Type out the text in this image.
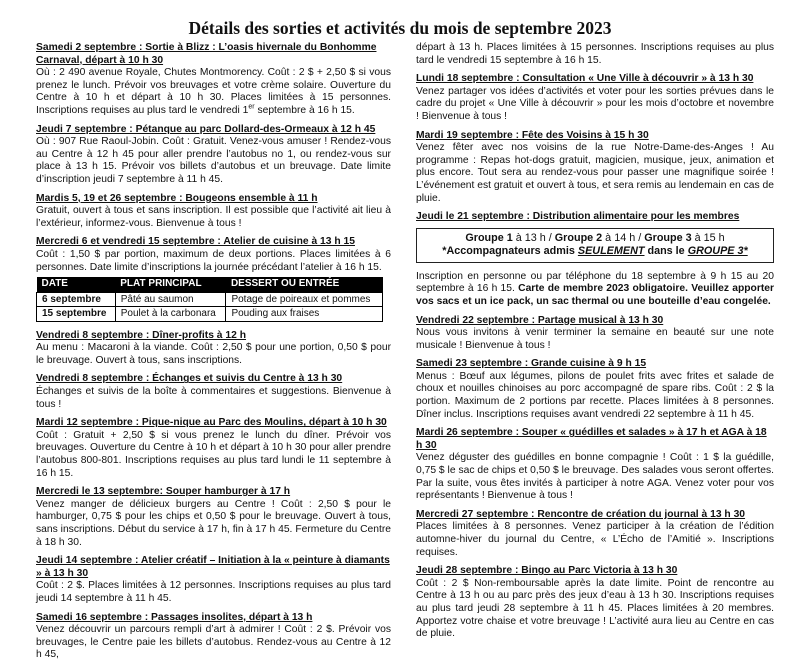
Détails des sorties et activités du mois de septembre 2023
Samedi 2 septembre : Sortie à Blizz : L’oasis hivernale du Bonhomme Carnaval, départ à 10 h 30
Où : 2 490 avenue Royale, Chutes Montmorency. Coût : 2 $ + 2,50 $ si vous prenez le lunch. Prévoir vos breuvages et votre crème solaire. Ouverture du Centre à 10 h et départ à 10 h 30. Places limitées à 15 personnes. Inscriptions requises au plus tard le vendredi 1er septembre à 16 h 15.
Jeudi 7 septembre : Pétanque au parc Dollard-des-Ormeaux à 12 h 45
Où : 907 Rue Raoul-Jobin. Coût : Gratuit. Venez-vous amuser ! Rendez-vous au Centre à 12 h 45 pour aller prendre l’autobus no 1, ou rendez-vous sur place à 13 h 15. Prévoir vos billets d’autobus et un breuvage. Date limite d’inscription jeudi 7 septembre à 11 h 45.
Mardis 5, 19 et 26 septembre : Bougeons ensemble à 11 h
Gratuit, ouvert à tous et sans inscription. Il est possible que l’activité ait lieu à l’extérieur, informez-vous. Bienvenue à tous !
Mercredi 6 et vendredi 15 septembre : Atelier de cuisine à 13 h 15
Coût : 1,50 $ par portion, maximum de deux portions. Places limitées à 6 personnes. Date limite d’inscriptions la journée précédant l’atelier à 16 h 15.
DATE	PLAT PRINCIPAL	DESSERT OU ENTRÉE
6 septembre	Pâté au saumon	Potage de poireaux et pommes
15 septembre	Poulet à la carbonara	Pouding aux fraises
Vendredi 8 septembre : Dîner-profits à 12 h
Au menu : Macaroni à la viande. Coût : 2,50 $ pour une portion, 0,50 $ pour le breuvage. Ouvert à tous, sans inscriptions.
Vendredi 8 septembre : Échanges et suivis du Centre à 13 h 30
Échanges et suivis de la boîte à commentaires et suggestions. Bienvenue à tous !
Mardi 12 septembre : Pique-nique au Parc des Moulins, départ à 10 h 30
Coût : Gratuit + 2,50 $ si vous prenez le lunch du dîner. Prévoir vos breuvages. Ouverture du Centre à 10 h et départ à 10 h 30 pour aller prendre l’autobus 800-801. Inscriptions requises au plus tard lundi le 11 septembre à 16 h 15.
Mercredi le 13 septembre: Souper hamburger à 17 h
Venez manger de délicieux burgers au Centre ! Coût : 2,50 $ pour le hamburger, 0,75 $ pour les chips et 0,50 $ pour le breuvage. Ouvert à tous, sans inscriptions. Début du service à 17 h, fin à 17 h 45. Fermeture du Centre à 18 h 30.
Jeudi 14 septembre : Atelier créatif – Initiation à la « peinture à diamants » à 13 h 30
Coût : 2 $. Places limitées à 12 personnes. Inscriptions requises au plus tard jeudi 14 septembre à 11 h 45.
Samedi 16 septembre : Passages insolites, départ à 13 h
Venez découvrir un parcours rempli d’art à admirer ! Coût : 2 $. Prévoir vos breuvages, le Centre paie les billets d’autobus. Rendez-vous au Centre à 12 h 45,
départ à 13 h. Places limitées à 15 personnes. Inscriptions requises au plus tard le vendredi 15 septembre à 16 h 15.
Lundi 18 septembre : Consultation « Une Ville à découvrir » à 13 h 30
Venez partager vos idées d’activités et voter pour les sorties prévues dans le cadre du projet « Une Ville à découvrir » pour les mois d’octobre et novembre ! Bienvenue à tous !
Mardi 19 septembre : Fête des Voisins à 15 h 30
Venez fêter avec nos voisins de la rue Notre-Dame-des-Anges ! Au programme : Repas hot-dogs gratuit, magicien, musique, jeux, animation et plus encore. Tout sera au rendez-vous pour passer une magnifique soirée ! L’événement est gratuit et ouvert à tous, et sera remis au lendemain en cas de pluie.
Jeudi le 21 septembre : Distribution alimentaire pour les membres
Groupe 1 à 13 h / Groupe 2 à 14 h / Groupe 3 à 15 h
*Accompagnateurs admis SEULEMENT dans le GROUPE 3*
Inscription en personne ou par téléphone du 18 septembre à 9 h 15 au 20 septembre à 16 h 15. Carte de membre 2023 obligatoire. Veuillez apporter vos sacs et un ice pack, un sac thermal ou une bouteille d’eau congelée.
Vendredi 22 septembre : Partage musical à 13 h 30
Nous vous invitons à venir terminer la semaine en beauté sur une note musicale ! Bienvenue à tous !
Samedi 23 septembre : Grande cuisine à 9 h 15
Menus : Bœuf aux légumes, pilons de poulet frits avec frites et salade de choux et nouilles chinoises au porc accompagné de spare ribs. Coût : 2 $ la portion. Maximum de 2 portions par recette. Places limitées à 8 personnes. Dîner inclus. Inscriptions requises avant vendredi 22 septembre à 11 h 45.
Mardi 26 septembre : Souper « guédilles et salades » à 17 h et AGA à 18 h 30
Venez déguster des guédilles en bonne compagnie ! Coût : 1 $ la guédille, 0,75 $ le sac de chips et 0,50 $ le breuvage. Des salades vous seront offertes. Par la suite, vous êtes invités à participer à notre AGA. Venez voter pour vos représentants ! Bienvenue à tous !
Mercredi 27 septembre : Rencontre de création du journal à 13 h 30
Places limitées à 8 personnes. Venez participer à la création de l’édition automne-hiver du journal du Centre, « L’Écho de l’Amitié ». Inscriptions requises.
Jeudi 28 septembre : Bingo au Parc Victoria à 13 h 30
Coût : 2 $ Non-remboursable après la date limite. Point de rencontre au Centre à 13 h ou au parc près des jeux d’eau à 13 h 30. Inscriptions requises au plus tard jeudi 28 septembre à 11 h 45. Places limitées à 20 membres. Apportez votre chaise et votre breuvage ! L’activité aura lieu au Centre en cas de pluie.
